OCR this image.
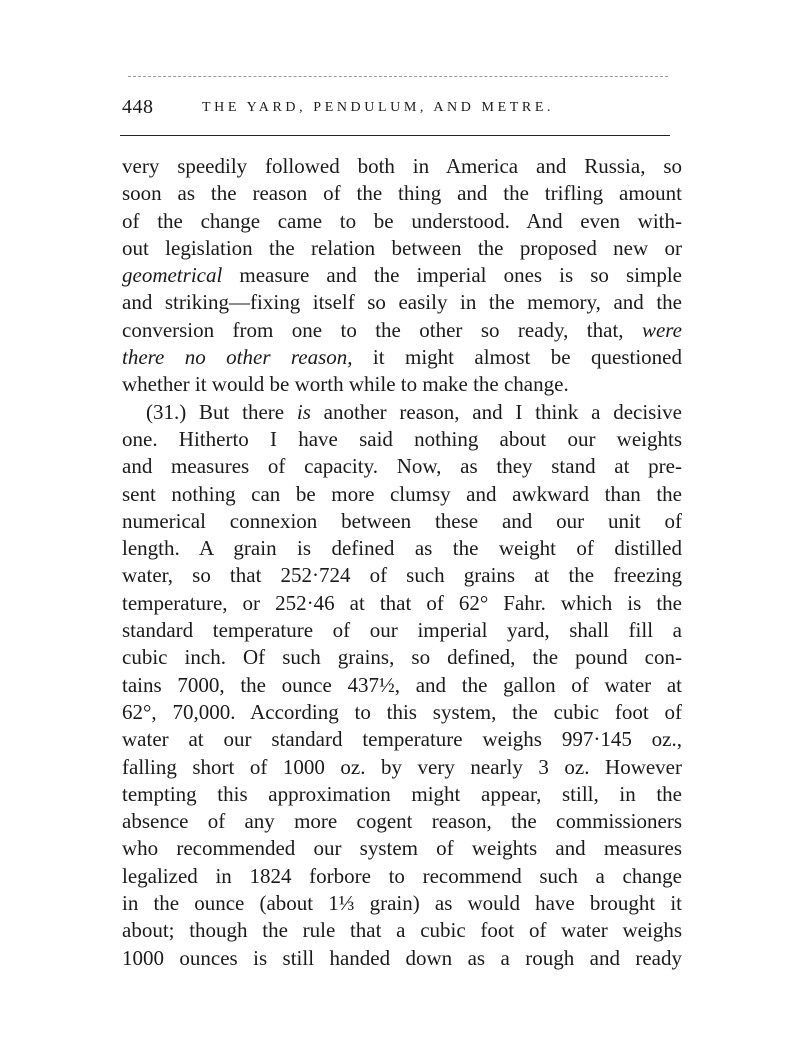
448	THE YARD, PENDULUM, AND METRE.
very speedily followed both in America and Russia, so
soon as the reason of the thing and the trifling amount
of the change came to be understood. And even with-
out legislation the relation between the proposed new or
geometrical measure and the imperial ones is so simple
and striking—fixing itself so easily in the memory, and the
conversion from one to the other so ready, that, were
there no other reason, it might almost be questioned
whether it would be worth while to make the change.
(31.) But there is another reason, and I think a decisive
one. Hitherto I have said nothing about our weights
and measures of capacity. Now, as they stand at pre-
sent nothing can be more clumsy and awkward than the
numerical connexion between these and our unit of
length. A grain is defined as the weight of distilled
water, so that 252·724 of such grains at the freezing
temperature, or 252·46 at that of 62° Fahr. which is the
standard temperature of our imperial yard, shall fill a
cubic inch. Of such grains, so defined, the pound con-
tains 7000, the ounce 437½, and the gallon of water at
62°, 70,000. According to this system, the cubic foot of
water at our standard temperature weighs 997·145 oz.,
falling short of 1000 oz. by very nearly 3 oz. However
tempting this approximation might appear, still, in the
absence of any more cogent reason, the commissioners
who recommended our system of weights and measures
legalized in 1824 forbore to recommend such a change
in the ounce (about 1⅓ grain) as would have brought it
about; though the rule that a cubic foot of water weighs
1000 ounces is still handed down as a rough and ready
